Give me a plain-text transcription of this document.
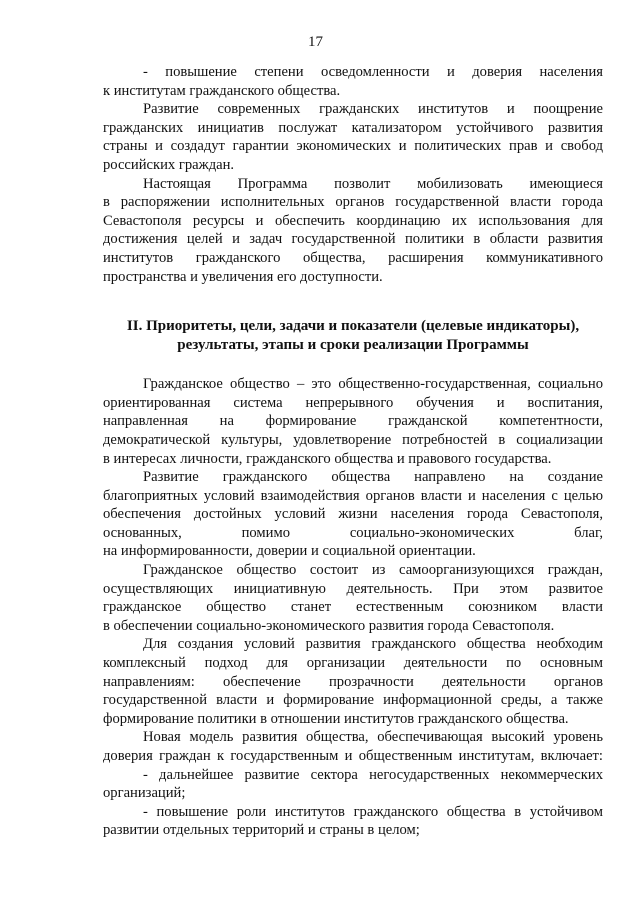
17
- повышение степени осведомленности и доверия населения
к институтам гражданского общества.
Развитие современных гражданских институтов и поощрение
гражданских инициатив послужат катализатором устойчивого развития
страны и создадут гарантии экономических и политических прав и свобод
российских граждан.
Настоящая Программа позволит мобилизовать имеющиеся
в распоряжении исполнительных органов государственной власти города
Севастополя ресурсы и обеспечить координацию их использования для
достижения целей и задач государственной политики в области развития
институтов гражданского общества, расширения коммуникативного
пространства и увеличения его доступности.
II. Приоритеты, цели, задачи и показатели (целевые индикаторы),
результаты, этапы и сроки реализации Программы
Гражданское общество – это общественно-государственная, социально
ориентированная система непрерывного обучения и воспитания,
направленная на формирование гражданской компетентности,
демократической культуры, удовлетворение потребностей в социализации
в интересах личности, гражданского общества и правового государства.
Развитие гражданского общества направлено на создание
благоприятных условий взаимодействия органов власти и населения с целью
обеспечения достойных условий жизни населения города Севастополя,
основанных, помимо социально-экономических благ,
на информированности, доверии и социальной ориентации.
Гражданское общество состоит из самоорганизующихся граждан,
осуществляющих инициативную деятельность. При этом развитое
гражданское общество станет естественным союзником власти
в обеспечении социально-экономического развития города Севастополя.
Для создания условий развития гражданского общества необходим
комплексный подход для организации деятельности по основным
направлениям: обеспечение прозрачности деятельности органов
государственной власти и формирование информационной среды, а также
формирование политики в отношении институтов гражданского общества.
Новая модель развития общества, обеспечивающая высокий уровень
доверия граждан к государственным и общественным институтам, включает:
- дальнейшее развитие сектора негосударственных некоммерческих
организаций;
- повышение роли институтов гражданского общества в устойчивом
развитии отдельных территорий и страны в целом;
